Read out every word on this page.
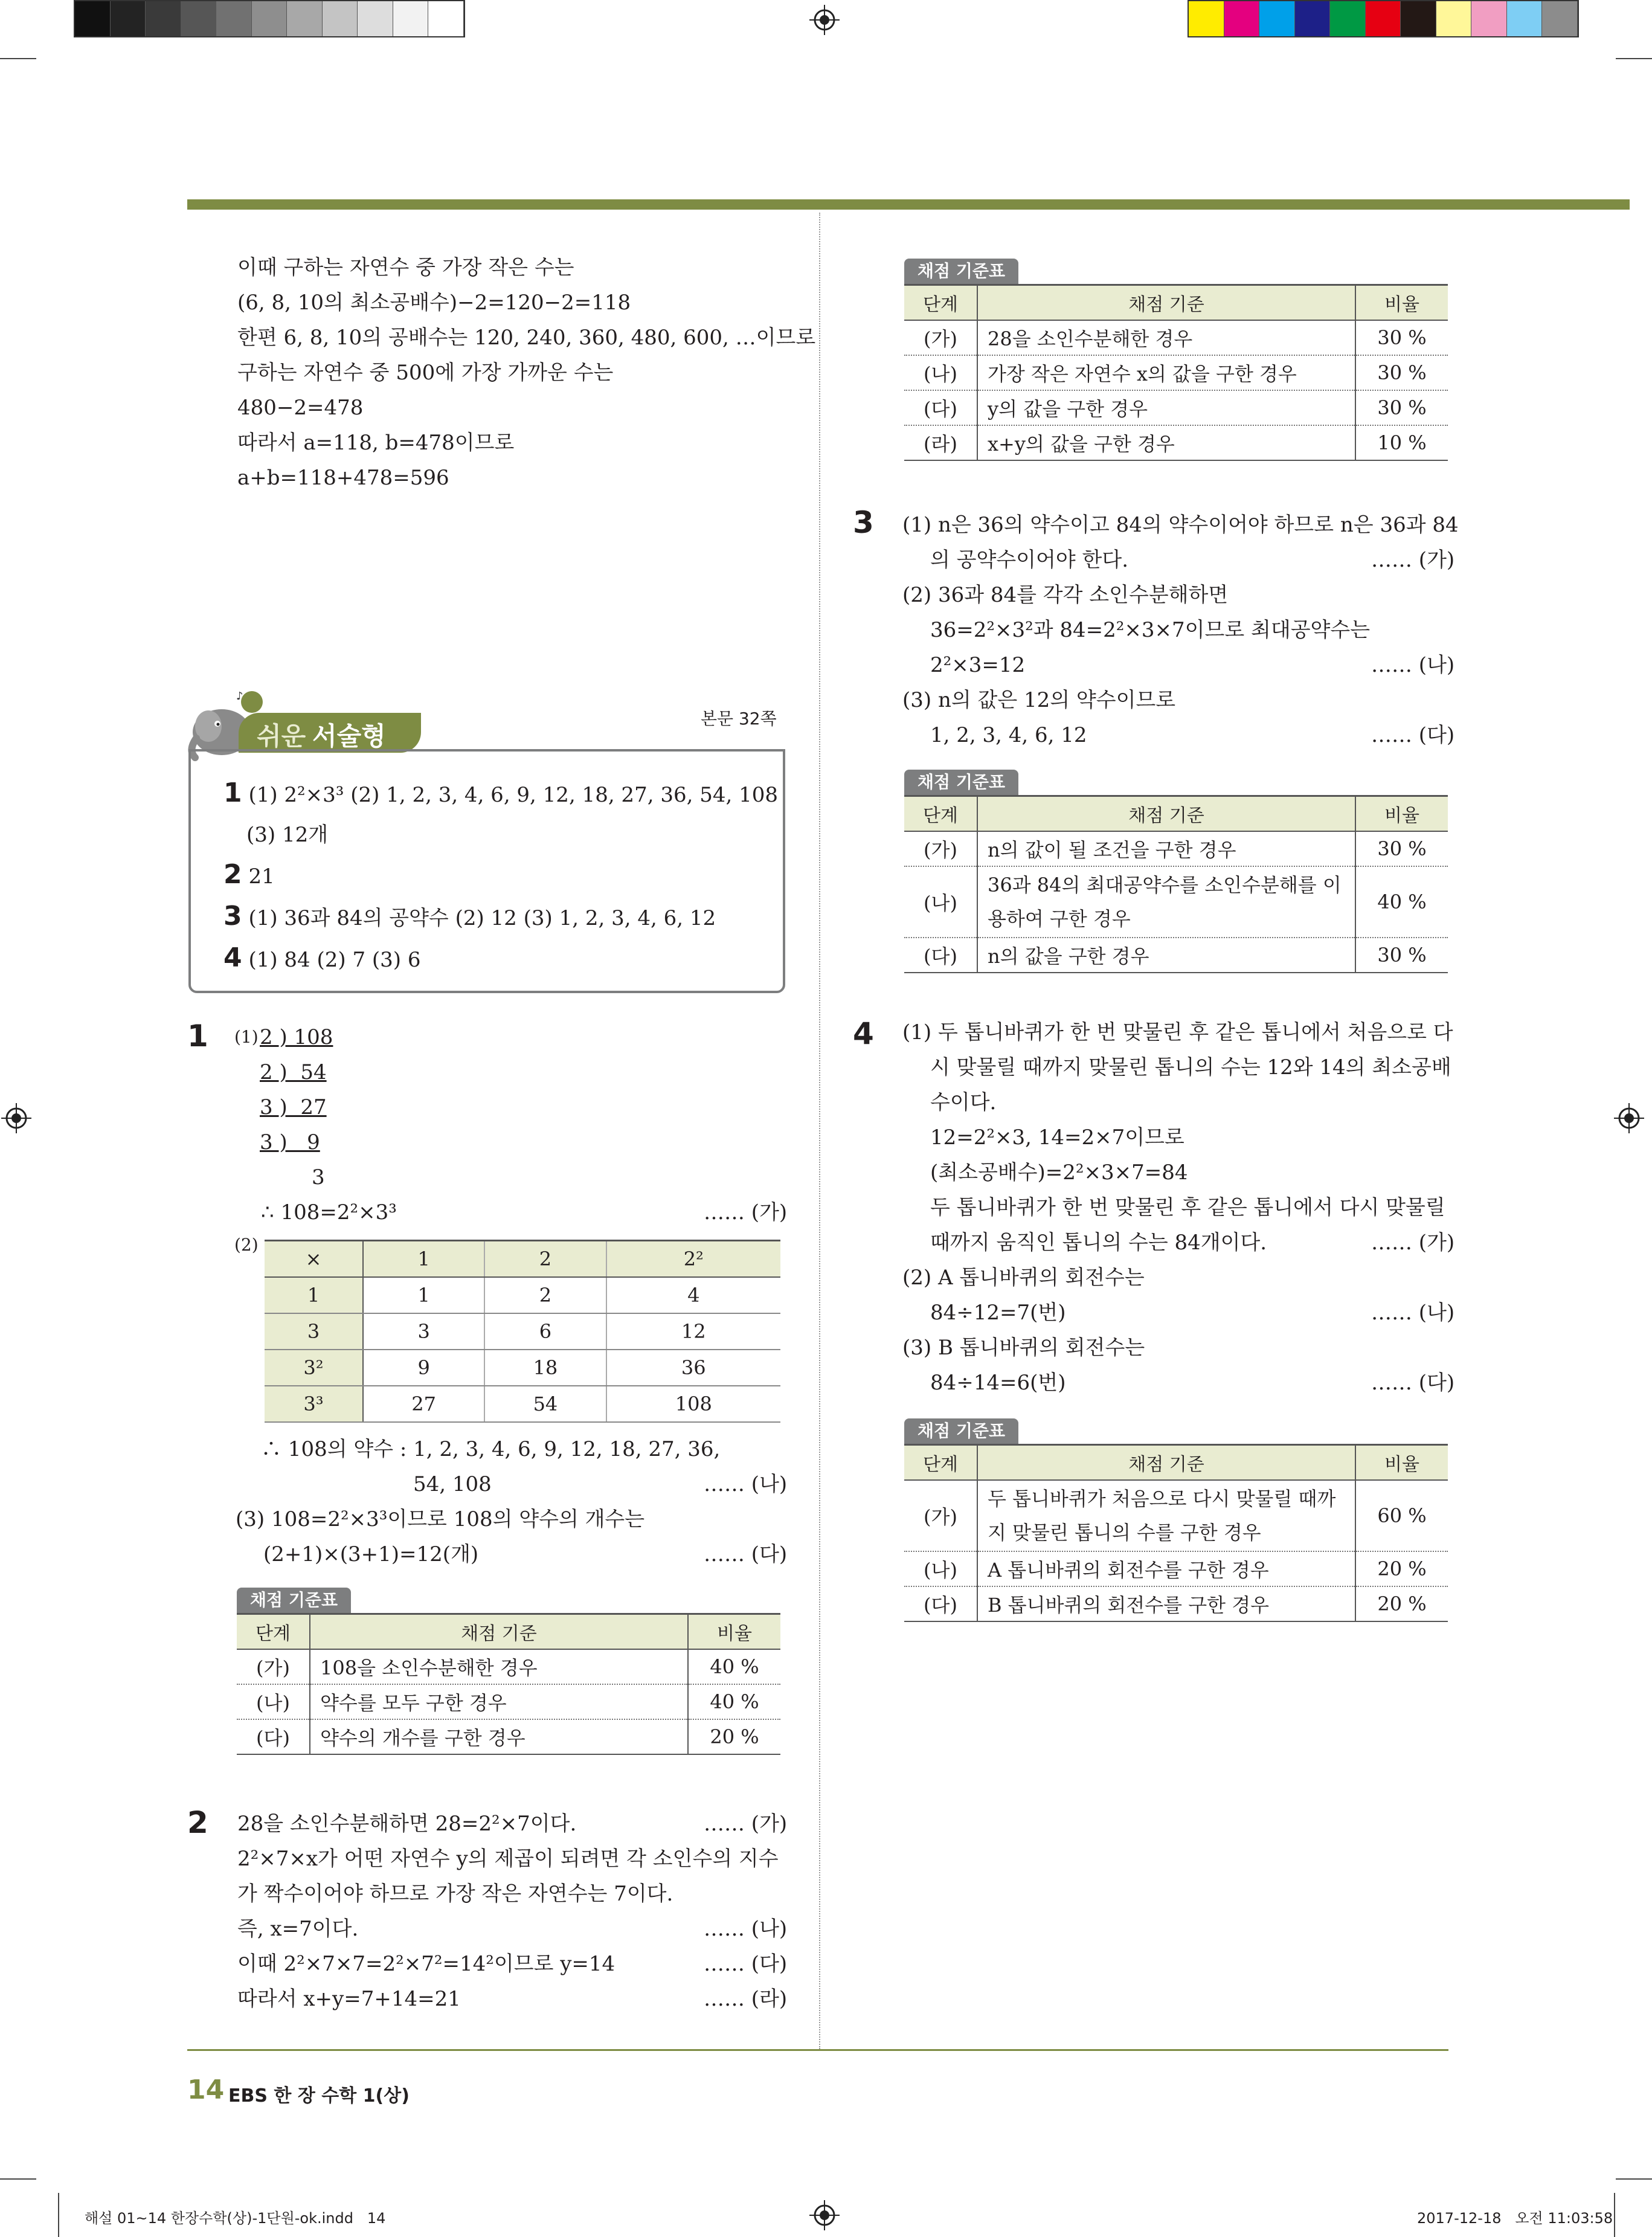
이때 구하는 자연수 중 가장 작은 수는
(6, 8, 10의 최소공배수)−2=120−2=118
한편 6, 8, 10의 공배수는 120, 240, 360, 480, 600, …이므로
구하는 자연수 중 500에 가장 가까운 수는
480−2=478
따라서 a=118, b=478이므로
a+b=118+478=596
♪
쉬운 서술형
본문 32쪽
1 (1) 2²×3³ (2) 1, 2, 3, 4, 6, 9, 12, 18, 27, 36, 54, 108
(3) 12개
2 21
3 (1) 36과 84의 공약수 (2) 12 (3) 1, 2, 3, 4, 6, 12
4 (1) 84 (2) 7 (3) 6
1 (1) 2 ) 108
2 )  54
3 )  27
3 )   9
3
∴ 108=2²×3³	…… (가)
(2)
×	1	2	2²
1	1	2	4
3	3	6	12
3²	9	18	36
3³	27	54	108
∴ 108의 약수 : 1, 2, 3, 4, 6, 9, 12, 18, 27, 36,
54, 108	…… (나)
(3) 108=2²×3³이므로 108의 약수의 개수는
(2+1)×(3+1)=12(개)	…… (다)
채점 기준표
단계	채점 기준	비율
(가)	108을 소인수분해한 경우	40 %
(나)	약수를 모두 구한 경우	40 %
(다)	약수의 개수를 구한 경우	20 %
2 28을 소인수분해하면 28=2²×7이다.	…… (가)
2²×7×x가 어떤 자연수 y의 제곱이 되려면 각 소인수의 지수
가 짝수이어야 하므로 가장 작은 자연수는 7이다.
즉, x=7이다.	…… (나)
이때 2²×7×7=2²×7²=14²이므로 y=14	…… (다)
따라서 x+y=7+14=21	…… (라)
채점 기준표
단계	채점 기준	비율
(가)	28을 소인수분해한 경우	30 %
(나)	가장 작은 자연수 x의 값을 구한 경우	30 %
(다)	y의 값을 구한 경우	30 %
(라)	x+y의 값을 구한 경우	10 %
3 (1) n은 36의 약수이고 84의 약수이어야 하므로 n은 36과 84
의 공약수이어야 한다.	…… (가)
(2) 36과 84를 각각 소인수분해하면
36=2²×3²과 84=2²×3×7이므로 최대공약수는
2²×3=12	…… (나)
(3) n의 값은 12의 약수이므로
1, 2, 3, 4, 6, 12	…… (다)
채점 기준표
단계	채점 기준	비율
(가)	n의 값이 될 조건을 구한 경우	30 %
(나)	36과 84의 최대공약수를 소인수분해를 이용하여 구한 경우	40 %
(다)	n의 값을 구한 경우	30 %
4 (1) 두 톱니바퀴가 한 번 맞물린 후 같은 톱니에서 처음으로 다
시 맞물릴 때까지 맞물린 톱니의 수는 12와 14의 최소공배
수이다.
12=2²×3, 14=2×7이므로
(최소공배수)=2²×3×7=84
두 톱니바퀴가 한 번 맞물린 후 같은 톱니에서 다시 맞물릴
때까지 움직인 톱니의 수는 84개이다.	…… (가)
(2) A 톱니바퀴의 회전수는
84÷12=7(번)	…… (나)
(3) B 톱니바퀴의 회전수는
84÷14=6(번)	…… (다)
채점 기준표
단계	채점 기준	비율
(가)	두 톱니바퀴가 처음으로 다시 맞물릴 때까지 맞물린 톱니의 수를 구한 경우	60 %
(나)	A 톱니바퀴의 회전수를 구한 경우	20 %
(다)	B 톱니바퀴의 회전수를 구한 경우	20 %
14 EBS 한 장 수학 1(상)
해설 01~14 한장수학(상)-1단원-ok.indd   14	2017-12-18   오전 11:03:58
